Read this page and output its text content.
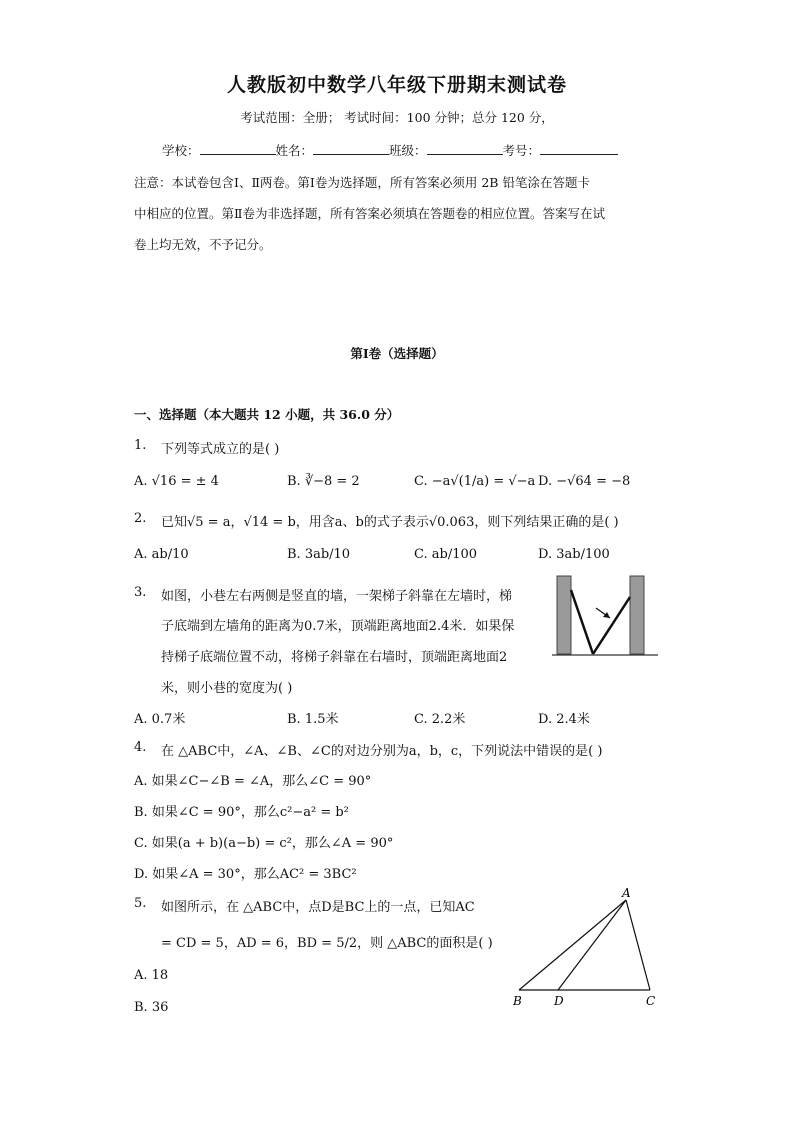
人教版初中数学八年级下册期末测试卷
考试范围：全册； 考试时间：100 分钟；总分 120 分，
学校：	姓名：	班级：	考号：
注意：本试卷包含Ⅰ、Ⅱ两卷。第Ⅰ卷为选择题，所有答案必须用 2B 铅笔涂在答题卡
中相应的位置。第Ⅱ卷为非选择题，所有答案必须填在答题卷的相应位置。答案写在试
卷上均无效，不予记分。
第Ⅰ卷（选择题）
一、选择题（本大题共 12 小题，共 36.0 分）
1. 下列等式成立的是( )
A. √16 = ± 4	B. ∛−8 = 2	C. −a√(1/a) = √−a D. −√64 = −8
2. 已知√5 = a，√14 = b，用含a、b的式子表示√0.063，则下列结果正确的是( )
A. ab/10	B. 3ab/10	C. ab/100	D. 3ab/100
3. 如图，小巷左右两侧是竖直的墙，一架梯子斜靠在左墙时，梯
子底端到左墙角的距离为0.7米，顶端距离地面2.4米．如果保
持梯子底端位置不动，将梯子斜靠在右墙时，顶端距离地面2
米，则小巷的宽度为( )
A. 0.7米	B. 1.5米	C. 2.2米	D. 2.4米
4. 在 △ABC中，∠A、∠B、∠C的对边分别为a，b，c，下列说法中错误的是( )
A. 如果∠C−∠B = ∠A，那么∠C = 90°
B. 如果∠C = 90°，那么c²−a² = b²
C. 如果(a + b)(a−b) = c²，那么∠A = 90°
D. 如果∠A = 30°，那么AC² = 3BC²
5. 如图所示，在 △ABC中，点D是BC上的一点，已知AC
= CD = 5，AD = 6，BD = 5/2，则 △ABC的面积是( )
A. 18
B. 36
A
B	D	C
